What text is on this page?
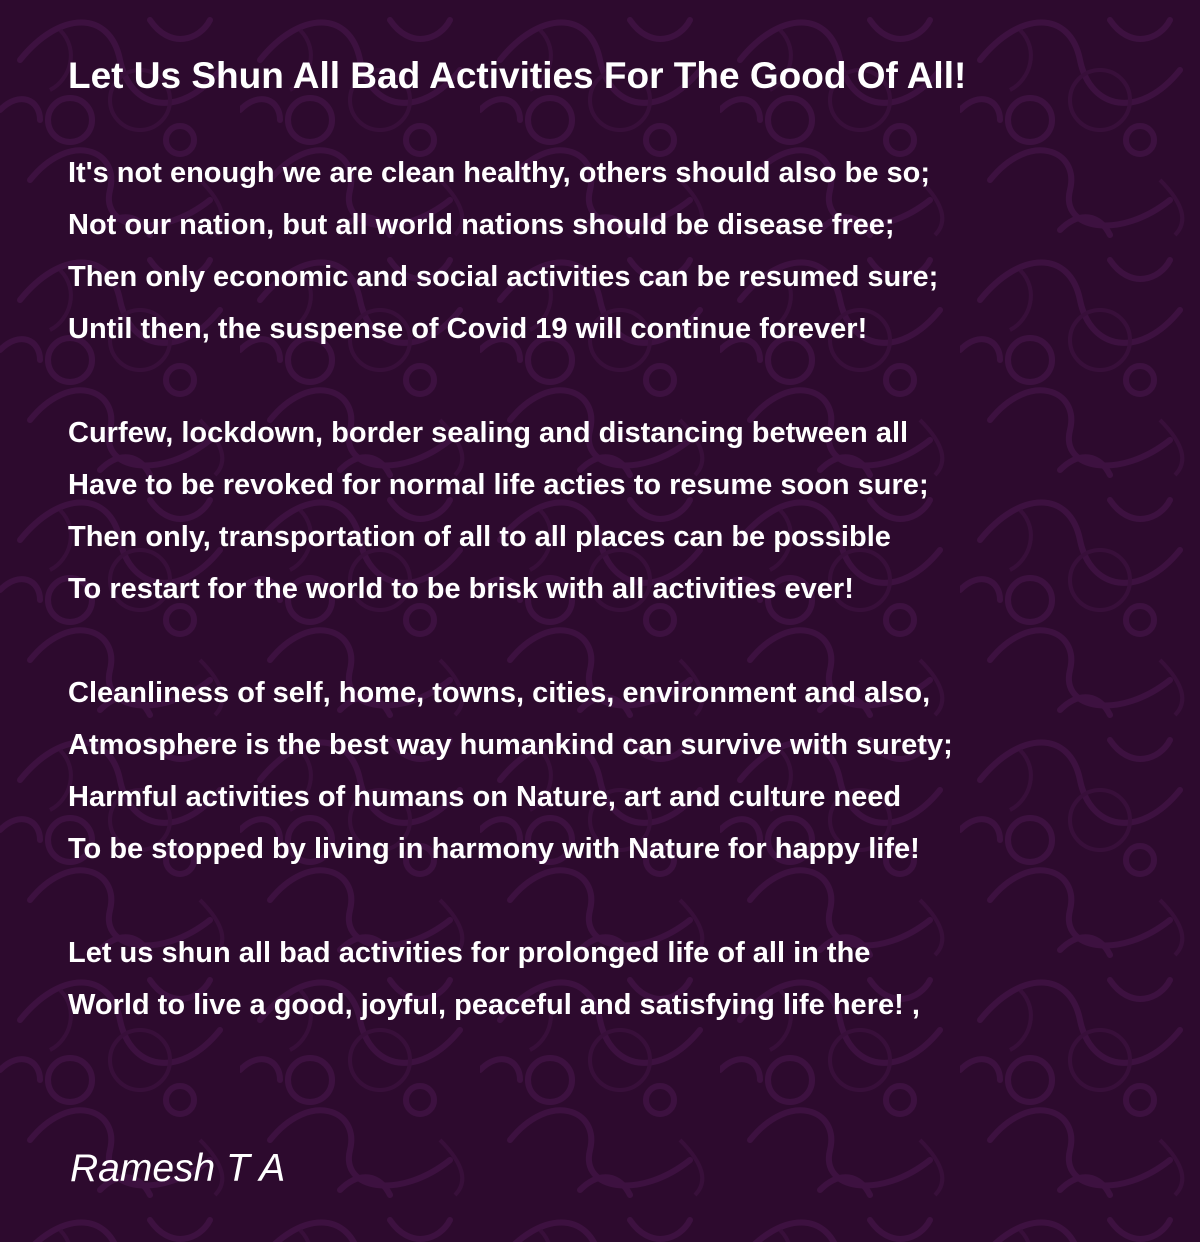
Let Us Shun All Bad Activities For The Good Of All!
It's not enough we are clean healthy, others should also be so;
Not our nation, but all world nations should be disease free;
Then only economic and social activities can be resumed sure;
Until then, the suspense of Covid 19 will continue forever!
Curfew, lockdown, border sealing and distancing between all
Have to be revoked for normal life acties to resume soon sure;
Then only, transportation of all to all places can be possible
To restart for the world to be brisk with all activities ever!
Cleanliness of self, home, towns, cities, environment and also,
Atmosphere is the best way humankind can survive with surety;
Harmful activities of humans on Nature, art and culture need
To be stopped by living in harmony with Nature for happy life!
Let us shun all bad activities for prolonged life of all in the
World to live a good, joyful, peaceful and satisfying life here! ,
Ramesh T A
